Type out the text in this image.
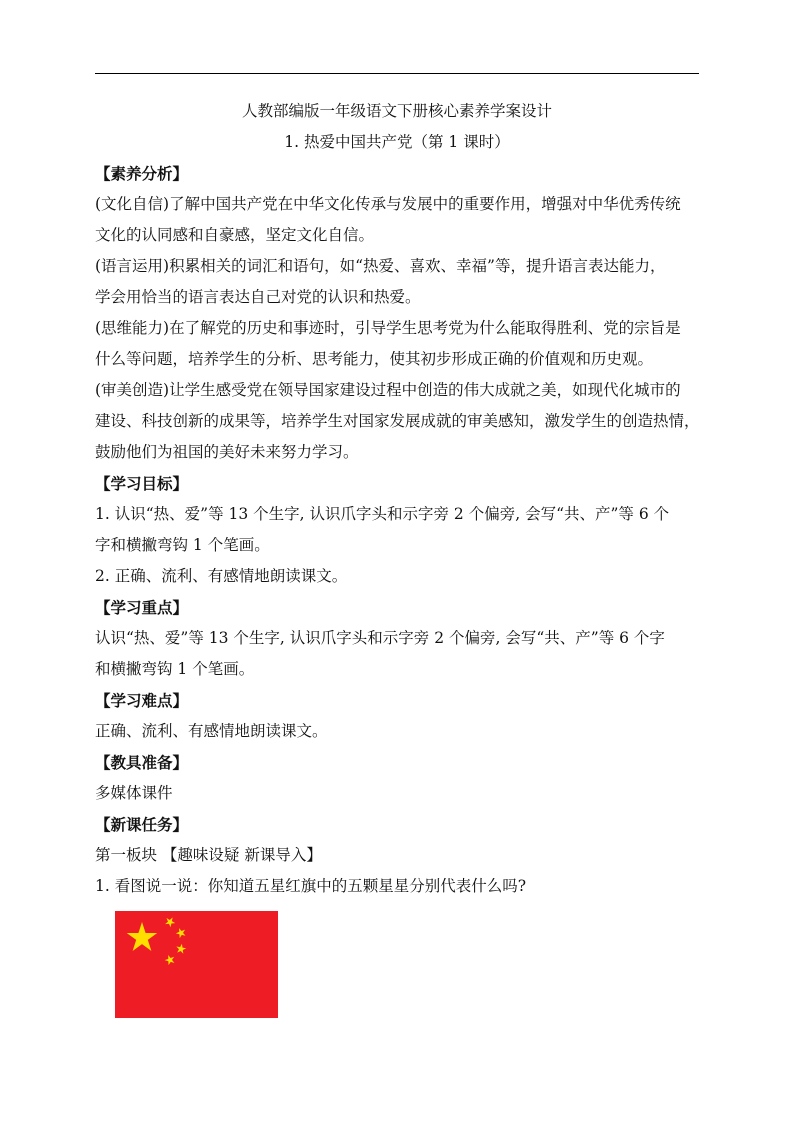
人教部编版一年级语文下册核心素养学案设计
1. 热爱中国共产党（第 1 课时）
【素养分析】
(文化自信)了解中国共产党在中华文化传承与发展中的重要作用，增强对中华优秀传统
文化的认同感和自豪感，坚定文化自信。
(语言运用)积累相关的词汇和语句，如“热爱、喜欢、幸福”等，提升语言表达能力，
学会用恰当的语言表达自己对党的认识和热爱。
(思维能力)在了解党的历史和事迹时，引导学生思考党为什么能取得胜利、党的宗旨是
什么等问题，培养学生的分析、思考能力，使其初步形成正确的价值观和历史观。
(审美创造)让学生感受党在领导国家建设过程中创造的伟大成就之美，如现代化城市的
建设、科技创新的成果等，培养学生对国家发展成就的审美感知，激发学生的创造热情，
鼓励他们为祖国的美好未来努力学习。
【学习目标】
1. 认识“热、爱”等 13 个生字, 认识爪字头和示字旁 2 个偏旁, 会写“共、产”等 6 个
字和横撇弯钩 1 个笔画。
2. 正确、流利、有感情地朗读课文。
【学习重点】
认识“热、爱”等 13 个生字, 认识爪字头和示字旁 2 个偏旁, 会写“共、产”等 6 个字
和横撇弯钩 1 个笔画。
【学习难点】
正确、流利、有感情地朗读课文。
【教具准备】
多媒体课件
【新课任务】
第一板块 【趣味设疑 新课导入】
1. 看图说一说：你知道五星红旗中的五颗星星分别代表什么吗?
